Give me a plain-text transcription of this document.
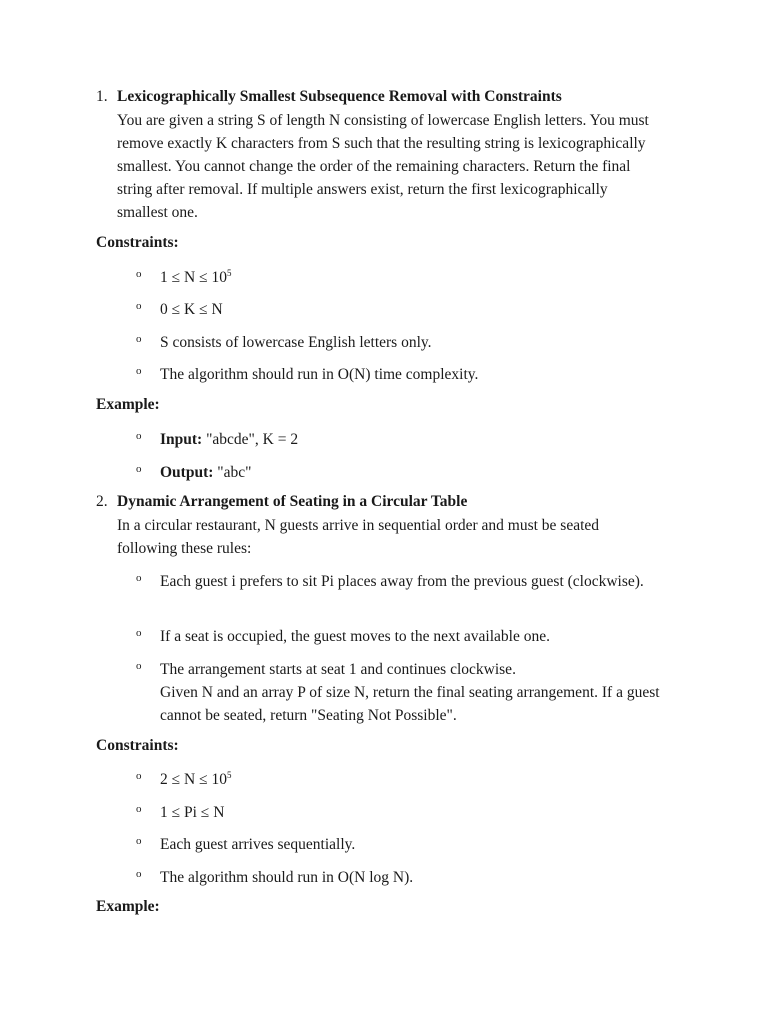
1. Lexicographically Smallest Subsequence Removal with Constraints
You are given a string S of length N consisting of lowercase English letters. You must remove exactly K characters from S such that the resulting string is lexicographically smallest. You cannot change the order of the remaining characters. Return the final string after removal. If multiple answers exist, return the first lexicographically smallest one.
Constraints:
o $1 \le N \le 10^5$
o 0 ≤ K ≤ N
o S consists of lowercase English letters only.
o The algorithm should run in O(N) time complexity.
Example:
o Input: "abcde", K = 2
o Output: "abc"
2. Dynamic Arrangement of Seating in a Circular Table
In a circular restaurant, N guests arrive in sequential order and must be seated following these rules:
o Each guest i prefers to sit Pi places away from the previous guest (clockwise).
o If a seat is occupied, the guest moves to the next available one.
o The arrangement starts at seat 1 and continues clockwise.
Given N and an array P of size N, return the final seating arrangement. If a guest cannot be seated, return "Seating Not Possible".
Constraints:
o $2 \le N \le 10^5$
o 1 ≤ Pi ≤ N
o Each guest arrives sequentially.
o The algorithm should run in O(N log N).
Example:
